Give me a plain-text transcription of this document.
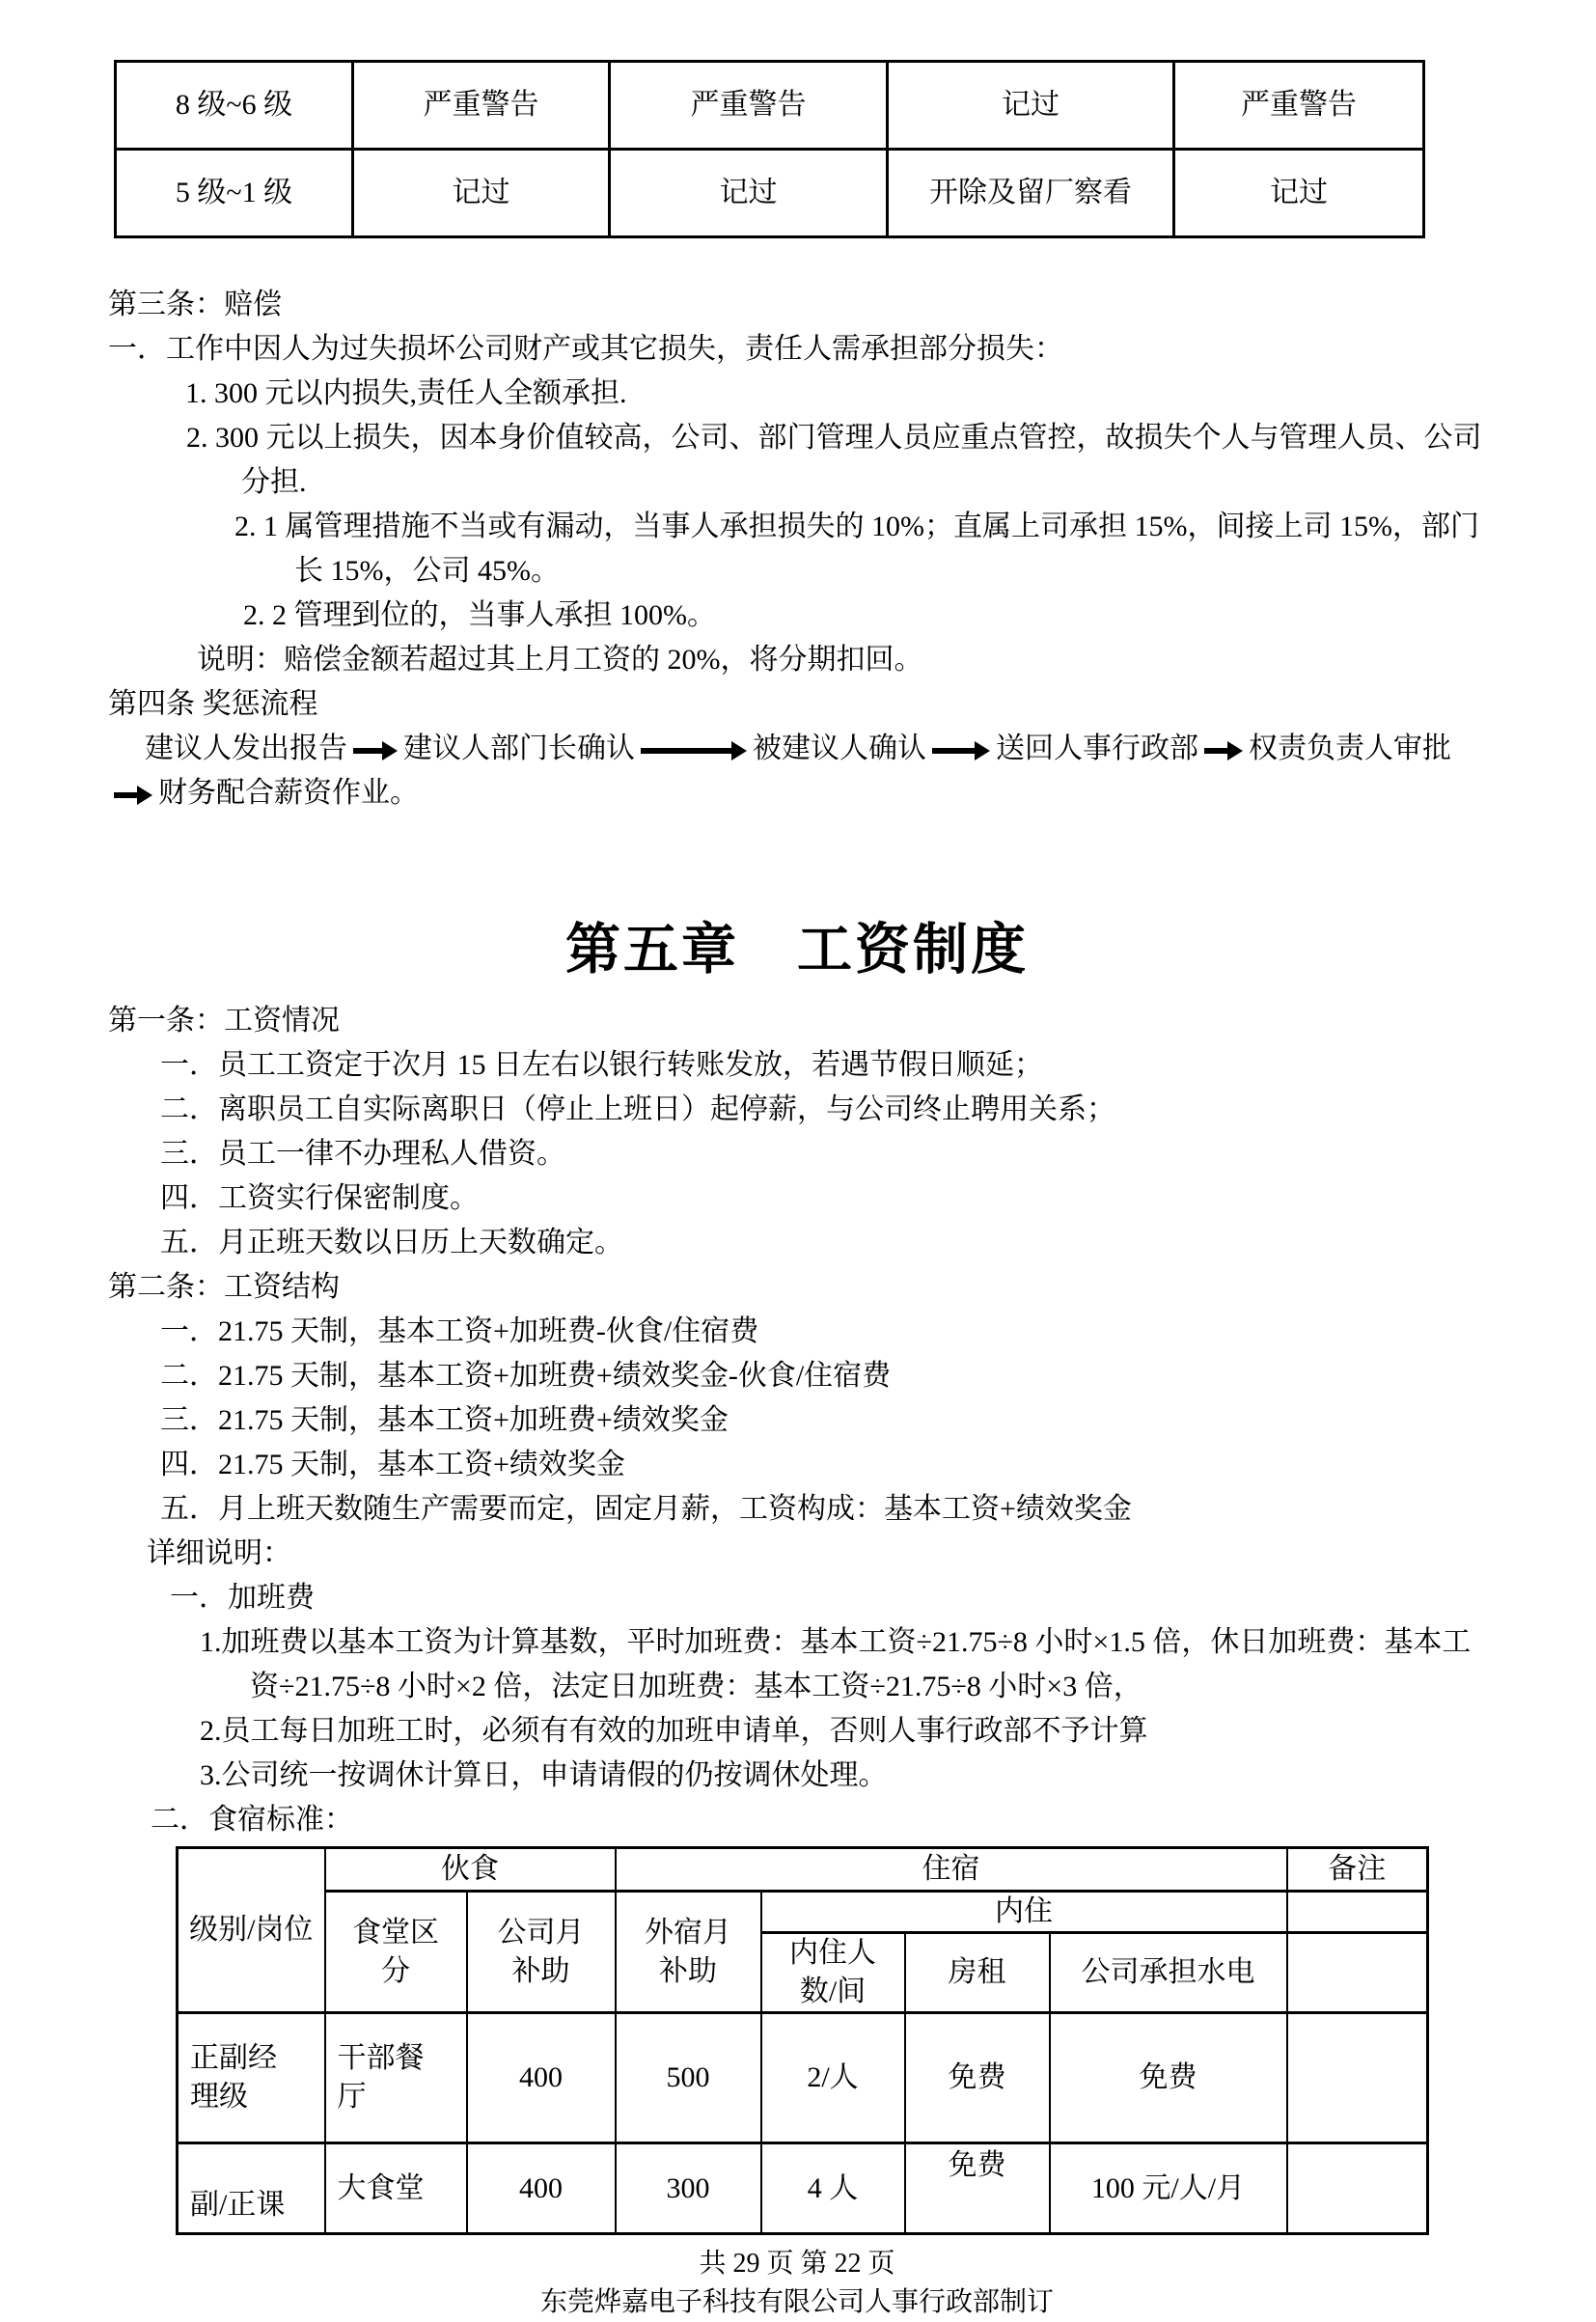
8 级~6 级	严重警告	严重警告	记过	严重警告
5 级~1 级	记过	记过	开除及留厂察看	记过

第三条：赔偿

一．工作中因人为过失损坏公司财产或其它损失，责任人需承担部分损失：

1. 300 元以内损失,责任人全额承担.

2. 300 元以上损失，因本身价值较高，公司、部门管理人员应重点管控，故损失个人与管理人员、公司分担.

2. 1 属管理措施不当或有漏动，当事人承担损失的 10%；直属上司承担 15%，间接上司 15%，部门长 15%，公司 45%。

2. 2 管理到位的，当事人承担 100%。

说明：赔偿金额若超过其上月工资的 20%，将分期扣回。

第四条 奖惩流程

建议人发出报告 建议人部门长确认	被建议人确认 送回人事行政部 权责负责人审批财务配合薪资作业。

第五章　工资制度

第一条：工资情况

一．员工工资定于次月 15 日左右以银行转账发放，若遇节假日顺延；

二．离职员工自实际离职日（停止上班日）起停薪，与公司终止聘用关系；

三．员工一律不办理私人借资。

四．工资实行保密制度。

五．月正班天数以日历上天数确定。

第二条：工资结构

一．21.75 天制，基本工资+加班费-伙食/住宿费

二．21.75 天制，基本工资+加班费+绩效奖金-伙食/住宿费

三．21.75 天制，基本工资+加班费+绩效奖金

四．21.75 天制，基本工资+绩效奖金

五．月上班天数随生产需要而定，固定月薪，工资构成：基本工资+绩效奖金

详细说明：

一．加班费

1.加班费以基本工资为计算基数，平时加班费：基本工资÷21.75÷8 小时×1.5 倍，休日加班费：基本工资÷21.75÷8 小时×2 倍，法定日加班费：基本工资÷21.75÷8 小时×3 倍，

2.员工每日加班工时，必须有有效的加班申请单，否则人事行政部不予计算

3.公司统一按调休计算日，申请请假的仍按调休处理。

二．食宿标准：

级别/岗位	伙食		住宿				备注
	食堂区分	公司月补助	外宿月补助	内住			
				内住人数/间	房租	公司承担水电	
正副经理级	干部餐厅	400	500	2/人	免费	免费	
副/正课	大食堂	400	300	4 人	免费	100 元/人/月	

共 29 页 第 22 页

东莞烨嘉电子科技有限公司人事行政部制订
